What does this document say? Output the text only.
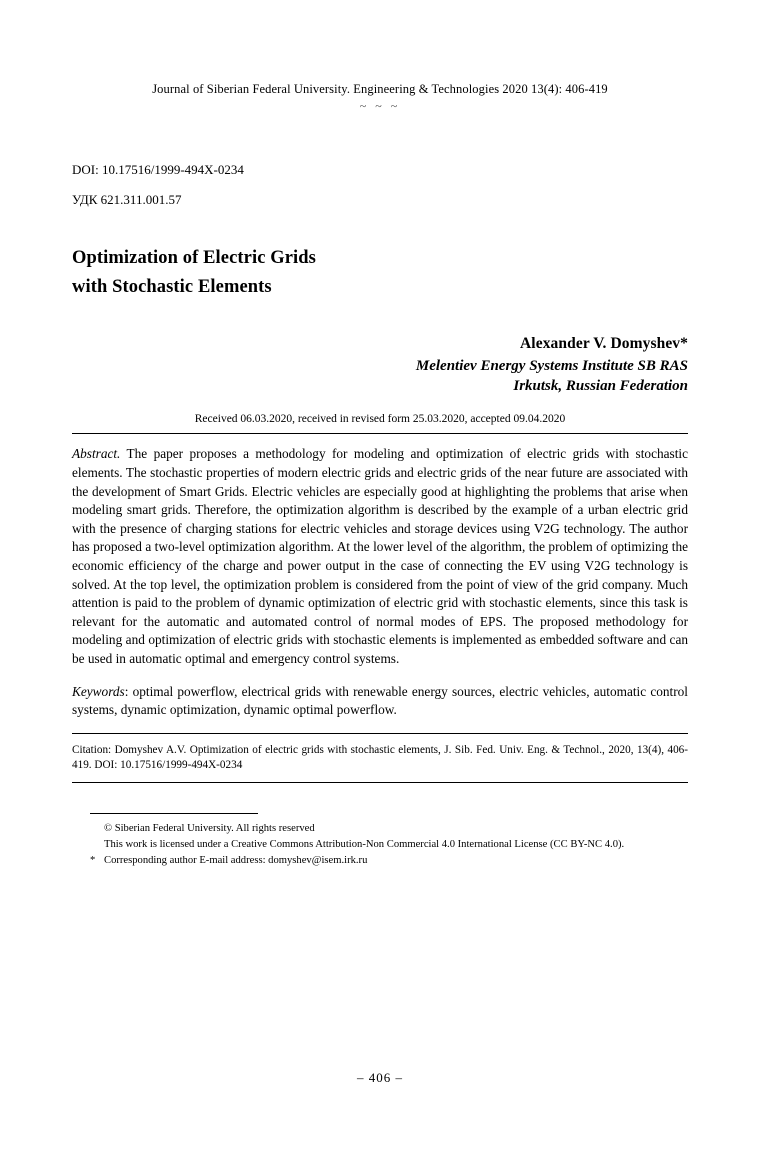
Journal of Siberian Federal University. Engineering & Technologies 2020 13(4): 406-419
~ ~ ~
DOI: 10.17516/1999-494X-0234
УДК 621.311.001.57
Optimization of Electric Grids
with Stochastic Elements
Alexander V. Domyshev*
Melentiev Energy Systems Institute SB RAS
Irkutsk, Russian Federation
Received 06.03.2020, received in revised form 25.03.2020, accepted 09.04.2020

Abstract. The paper proposes a methodology for modeling and optimization of electric grids with stochastic elements. The stochastic properties of modern electric grids and electric grids of the near future are associated with the development of Smart Grids. Electric vehicles are especially good at highlighting the problems that arise when modeling smart grids. Therefore, the optimization algorithm is described by the example of a urban electric grid with the presence of charging stations for electric vehicles and storage devices using V2G technology. The author has proposed a two-level optimization algorithm. At the lower level of the algorithm, the problem of optimizing the economic efficiency of the charge and power output in the case of connecting the EV using V2G technology is solved. At the top level, the optimization problem is considered from the point of view of the grid company. Much attention is paid to the problem of dynamic optimization of electric grid with stochastic elements, since this task is relevant for the automatic and automated control of normal modes of EPS. The proposed methodology for modeling and optimization of electric grids with stochastic elements is implemented as embedded software and can be used in automatic optimal and emergency control systems.

Keywords: optimal powerflow, electrical grids with renewable energy sources, electric vehicles, automatic control systems, dynamic optimization, dynamic optimal powerflow.

Citation: Domyshev A.V. Optimization of electric grids with stochastic elements, J. Sib. Fed. Univ. Eng. & Technol., 2020, 13(4), 406-419. DOI: 10.17516/1999-494X-0234

© Siberian Federal University. All rights reserved
This work is licensed under a Creative Commons Attribution-Non Commercial 4.0 International License (CC BY-NC 4.0).
* Corresponding author E-mail address: domyshev@isem.irk.ru
– 406 –
